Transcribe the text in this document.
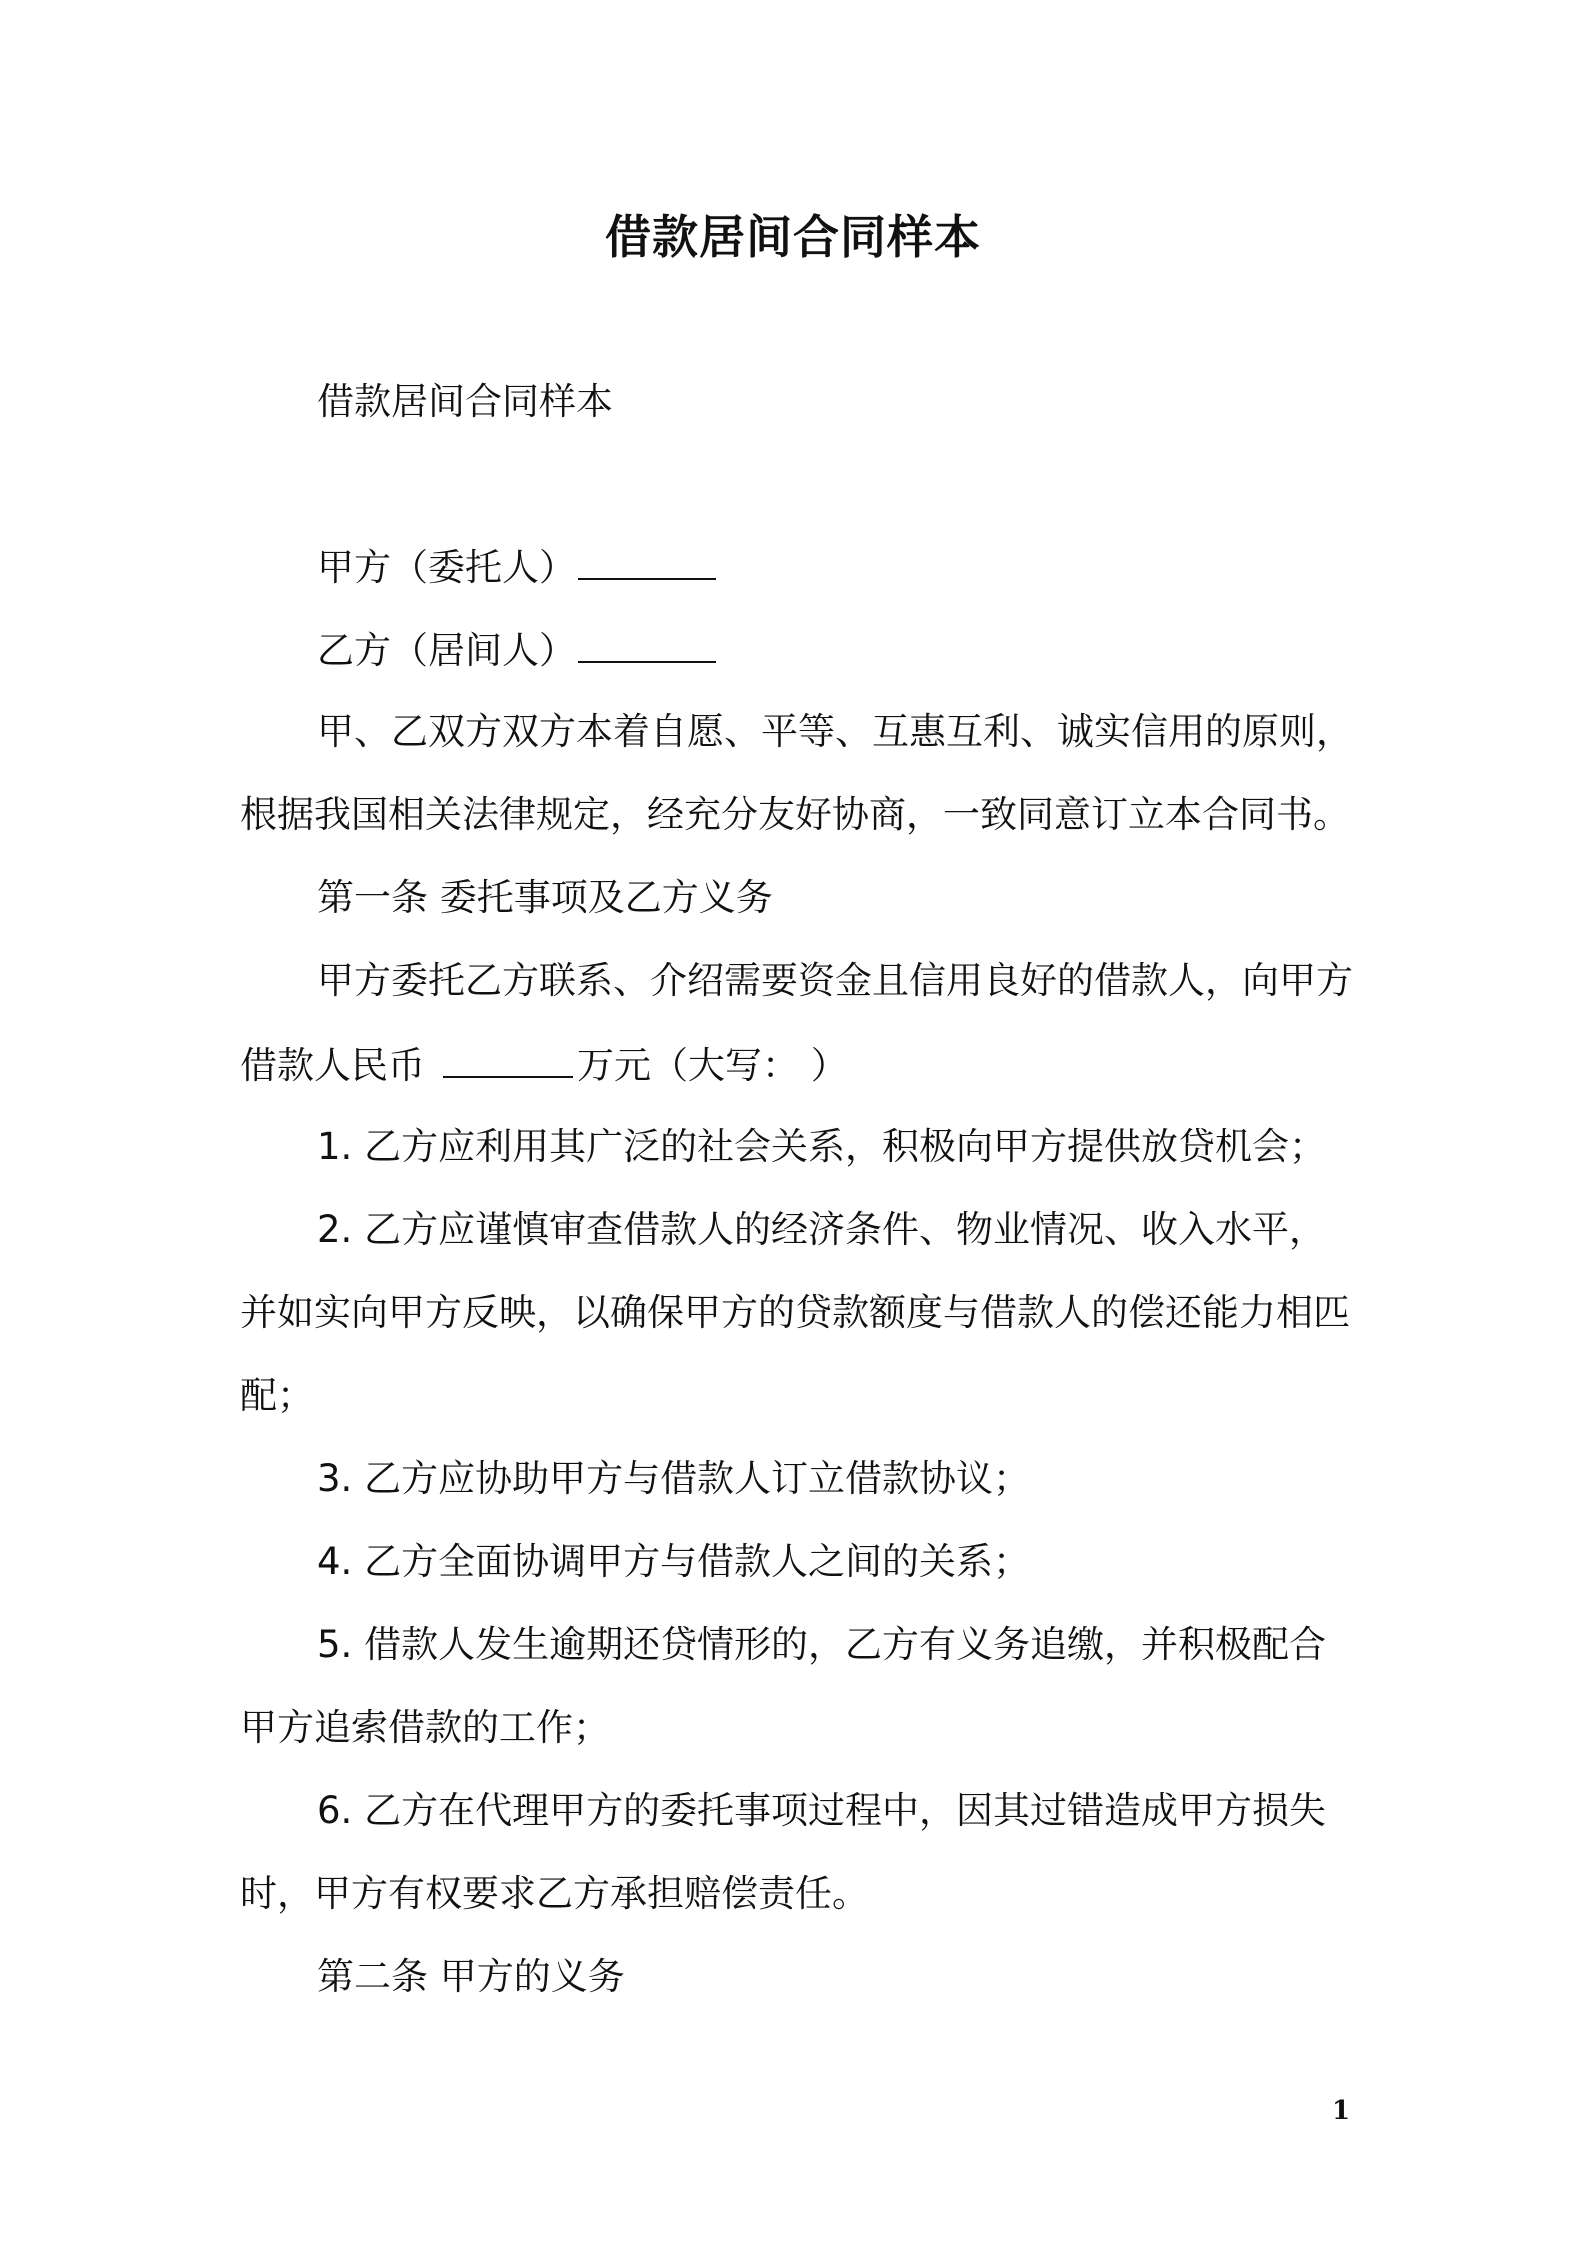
借款居间合同样本
借款居间合同样本
甲方（委托人）
乙方（居间人）
甲、乙双方双方本着自愿、平等、互惠互利、诚实信用的原则，
根据我国相关法律规定，经充分友好协商，一致同意订立本合同书。
第一条 委托事项及乙方义务
甲方委托乙方联系、介绍需要资金且信用良好的借款人，向甲方
借款人民币	万元（大写： ）
1. 乙方应利用其广泛的社会关系，积极向甲方提供放贷机会；
2. 乙方应谨慎审查借款人的经济条件、物业情况、收入水平，
并如实向甲方反映，以确保甲方的贷款额度与借款人的偿还能力相匹
配；
3. 乙方应协助甲方与借款人订立借款协议；
4. 乙方全面协调甲方与借款人之间的关系；
5. 借款人发生逾期还贷情形的，乙方有义务追缴，并积极配合
甲方追索借款的工作；
6. 乙方在代理甲方的委托事项过程中，因其过错造成甲方损失
时，甲方有权要求乙方承担赔偿责任。
第二条 甲方的义务
1
